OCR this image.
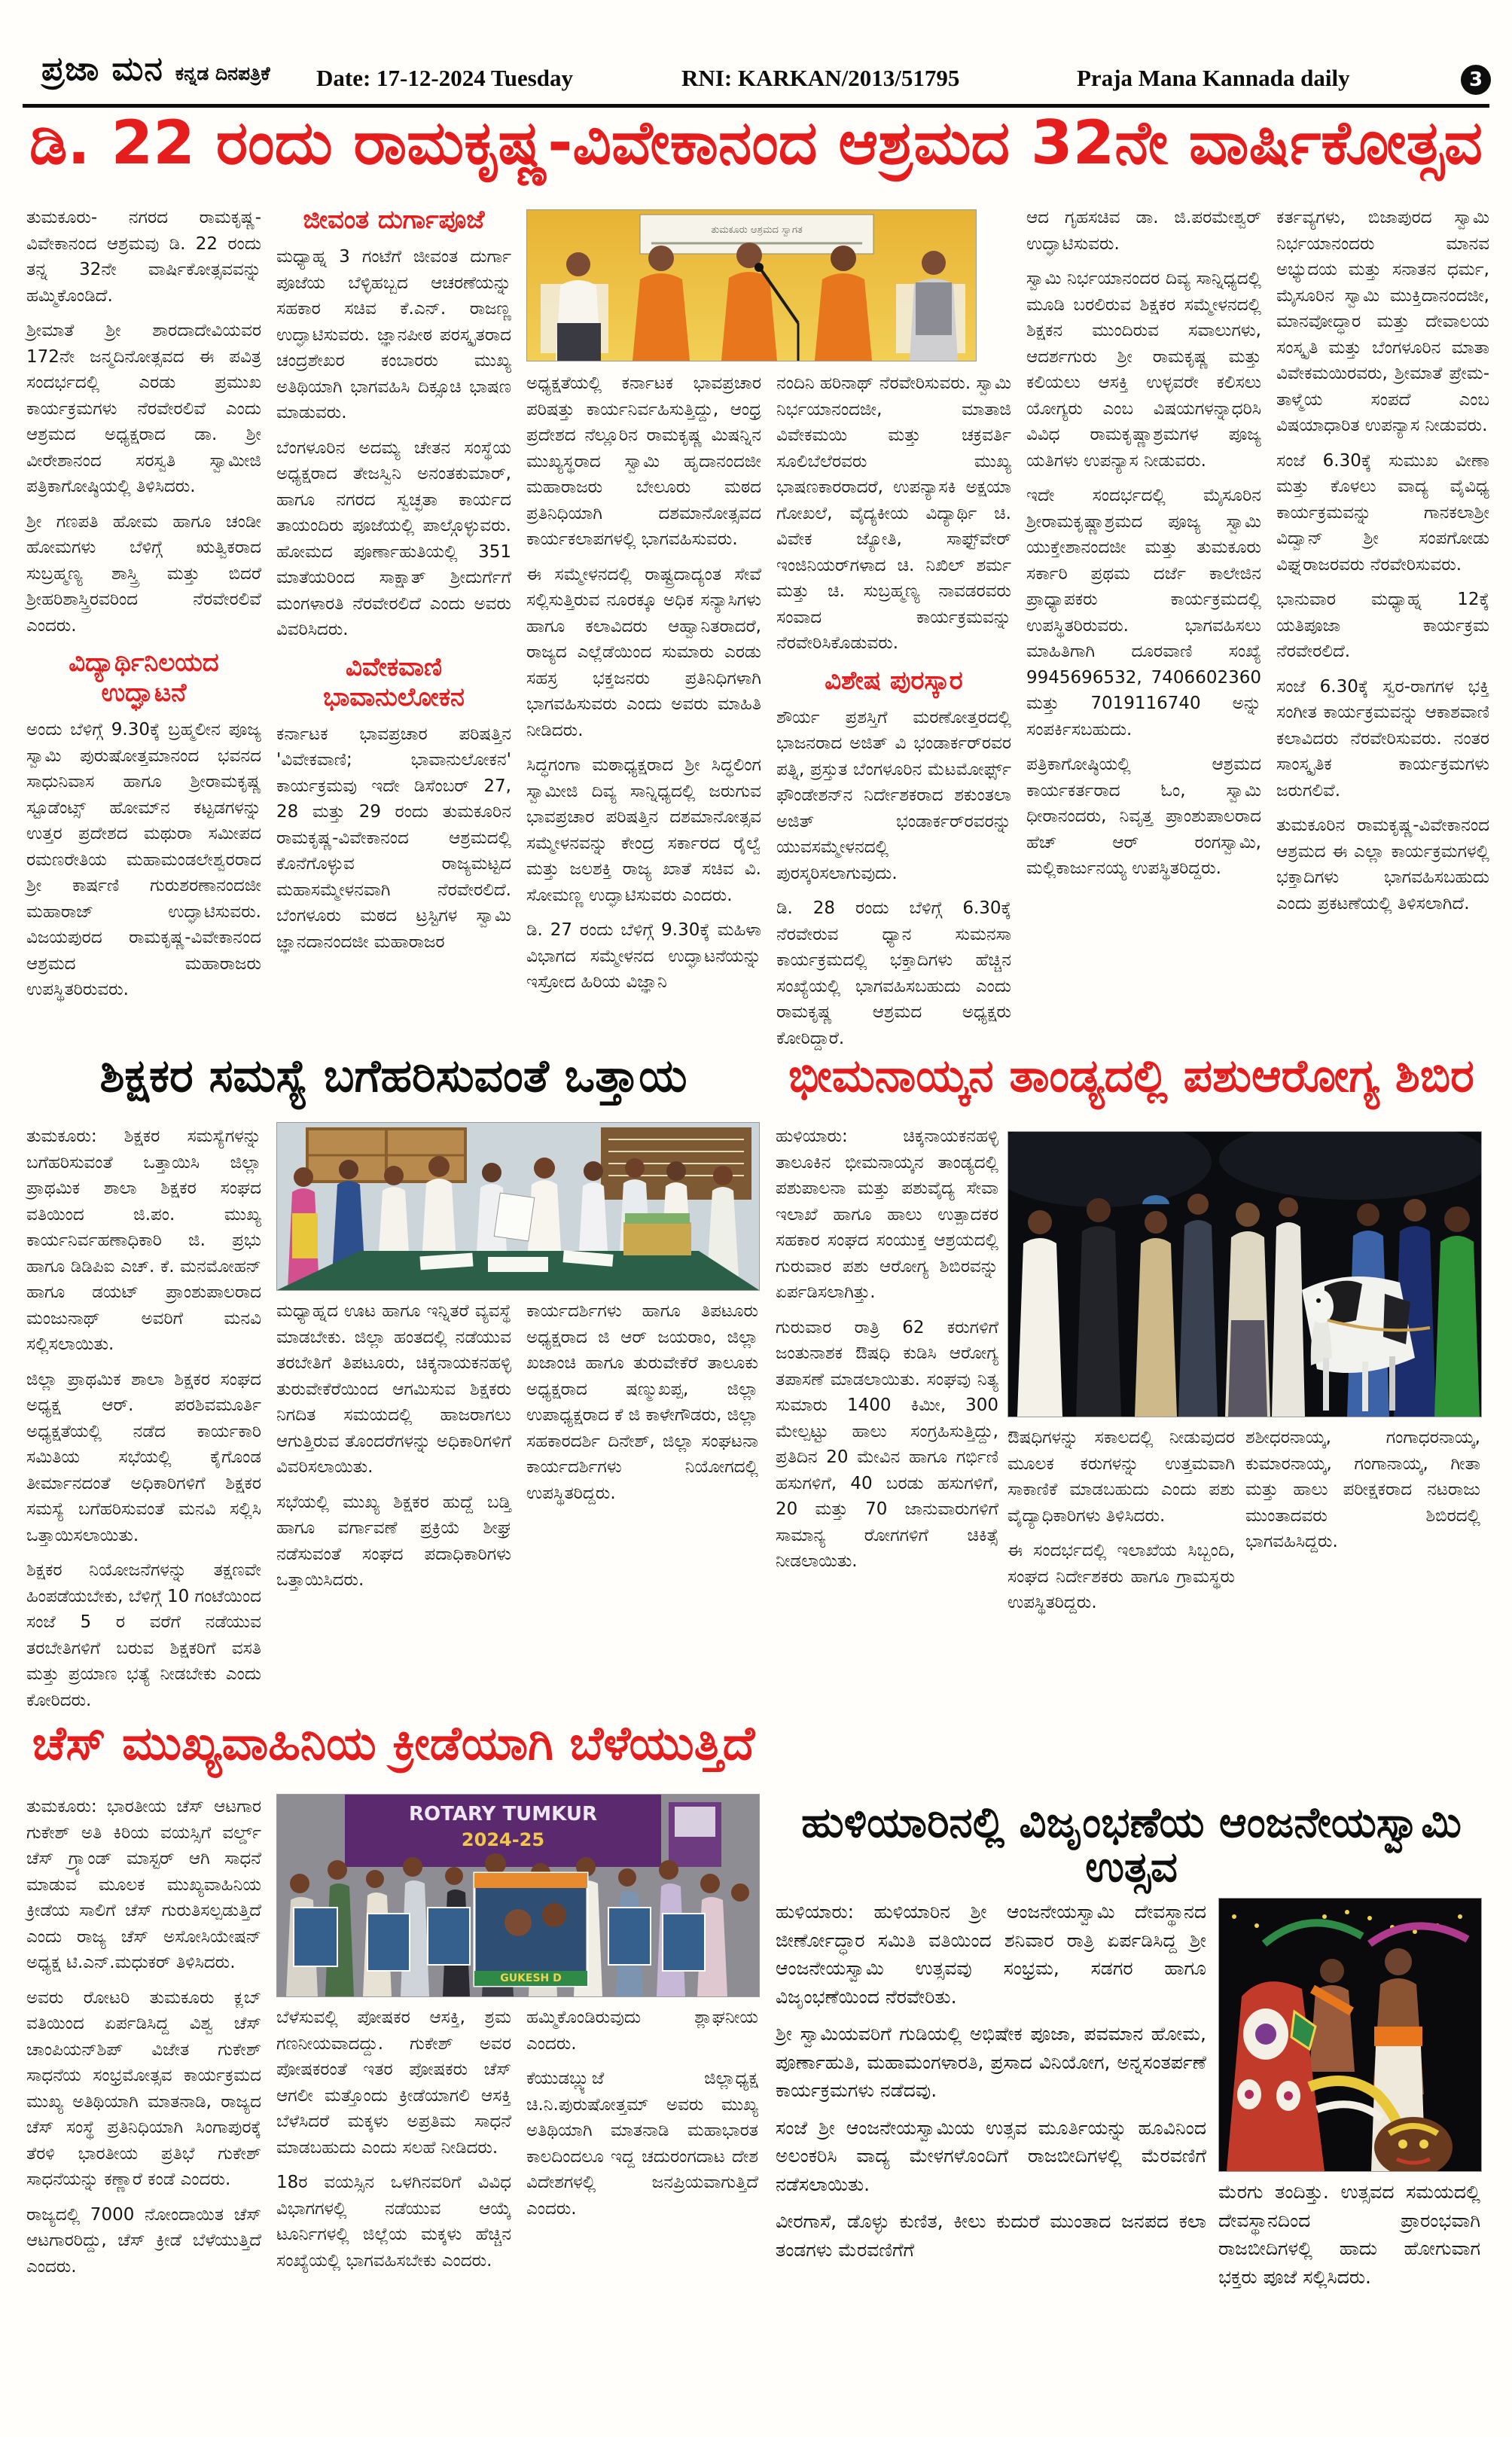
ಪ್ರಜಾ ಮನ ಕನ್ನಡ ದಿನಪತ್ರಿಕೆ Date: 17-12-2024 Tuesday	RNI: KARKAN/2013/51795	Praja Mana Kannada daily	3
ಡಿ. 22 ರಂದು ರಾಮಕೃಷ್ಣ-ವಿವೇಕಾನಂದ ಆಶ್ರಮದ 32ನೇ ವಾರ್ಷಿಕೋತ್ಸವ

ತುಮಕೂರು- ನಗರದ ರಾಮಕೃಷ್ಣ-ವಿವೇಕಾನಂದ ಆಶ್ರಮವು ಡಿ. 22 ರಂದು ತನ್ನ 32ನೇ ವಾರ್ಷಿಕೋತ್ಸವವನ್ನು ಹಮ್ಮಿಕೊಂಡಿದೆ.

ಶ್ರೀಮಾತೆ ಶ್ರೀ ಶಾರದಾದೇವಿಯವರ 172ನೇ ಜನ್ಮದಿನೋತ್ಸವದ ಈ ಪವಿತ್ರ ಸಂದರ್ಭದಲ್ಲಿ ಎರಡು ಪ್ರಮುಖ ಕಾರ್ಯಕ್ರಮಗಳು ನೆರವೇರಲಿವೆ ಎಂದು ಆಶ್ರಮದ ಅಧ್ಯಕ್ಷರಾದ ಡಾ. ಶ್ರೀ ವೀರೇಶಾನಂದ ಸರಸ್ವತಿ ಸ್ವಾಮೀಜಿ ಪತ್ರಿಕಾಗೋಷ್ಠಿಯಲ್ಲಿ ತಿಳಿಸಿದರು.

ಶ್ರೀ ಗಣಪತಿ ಹೋಮ ಹಾಗೂ ಚಂಡೀ ಹೋಮಗಳು ಬೆಳಿಗ್ಗೆ ಋತ್ವಿಕರಾದ ಸುಬ್ರಹ್ಮಣ್ಯ ಶಾಸ್ತ್ರಿ ಮತ್ತು ಬಿದರೆ ಶ್ರೀಹರಿಶಾಸ್ತ್ರಿರವರಿಂದ ನೆರವೇರಲಿವೆ ಎಂದರು.

ವಿದ್ಯಾರ್ಥಿನಿಲಯದ ಉದ್ಘಾಟನೆ

ಅಂದು ಬೆಳಿಗ್ಗೆ 9.30ಕ್ಕೆ ಬ್ರಹ್ಮಲೀನ ಪೂಜ್ಯ ಸ್ವಾಮಿ ಪುರುಷೋತ್ತಮಾನಂದ ಭವನದ ಸಾಧುನಿವಾಸ ಹಾಗೂ ಶ್ರೀರಾಮಕೃಷ್ಣ ಸ್ಟೂಡೆಂಟ್ಸ್ ಹೋಮ್‌ನ ಕಟ್ಟಡಗಳನ್ನು ಉತ್ತರ ಪ್ರದೇಶದ ಮಥುರಾ ಸಮೀಪದ ರಮಣರೇತಿಯ ಮಹಾಮಂಡಲೇಶ್ವರರಾದ ಶ್ರೀ ಕಾರ್ಷಣಿ ಗುರುಶರಣಾನಂದಜೀ ಮಹಾರಾಜ್ ಉದ್ಘಾಟಿಸುವರು. ವಿಜಯಪುರದ ರಾಮಕೃಷ್ಣ-ವಿವೇಕಾನಂದ ಆಶ್ರಮದ ಮಹಾರಾಜರು ಉಪಸ್ಥಿತರಿರುವರು.

ಜೀವಂತ ದುರ್ಗಾಪೂಜೆ

ಮಧ್ಯಾಹ್ನ 3 ಗಂಟೆಗೆ ಜೀವಂತ ದುರ್ಗಾ ಪೂಜೆಯ ಬೆಳ್ಳಿಹಬ್ಬದ ಆಚರಣೆಯನ್ನು ಸಹಕಾರ ಸಚಿವ ಕೆ.ಎನ್. ರಾಜಣ್ಣ ಉದ್ಘಾಟಿಸುವರು. ಜ್ಞಾನಪೀಠ ಪರಸ್ಕೃತರಾದ ಚಂದ್ರಶೇಖರ ಕಂಬಾರರು ಮುಖ್ಯ ಅತಿಥಿಯಾಗಿ ಭಾಗವಹಿಸಿ ದಿಕ್ಸೂಚಿ ಭಾಷಣ ಮಾಡುವರು.

ಬೆಂಗಳೂರಿನ ಅದಮ್ಯ ಚೇತನ ಸಂಸ್ಥೆಯ ಅಧ್ಯಕ್ಷರಾದ ತೇಜಸ್ವಿನಿ ಅನಂತಕುಮಾರ್, ಹಾಗೂ ನಗರದ ಸ್ವಚ್ಛತಾ ಕಾರ್ಯದ ತಾಯಂದಿರು ಪೂಜೆಯಲ್ಲಿ ಪಾಲ್ಗೊಳ್ಳುವರು. ಹೋಮದ ಪೂರ್ಣಾಹುತಿಯಲ್ಲಿ 351 ಮಾತೆಯರಿಂದ ಸಾಕ್ಷಾತ್ ಶ್ರೀದುರ್ಗೆಗೆ ಮಂಗಳಾರತಿ ನೆರವೇರಲಿದೆ ಎಂದು ಅವರು ವಿವರಿಸಿದರು.

ವಿವೇಕವಾಣಿ ಭಾವಾನುಲೋಕನ

ಕರ್ನಾಟಕ ಭಾವಪ್ರಚಾರ ಪರಿಷತ್ತಿನ 'ವಿವೇಕವಾಣಿ; ಭಾವಾನುಲೋಕನ' ಕಾರ್ಯಕ್ರಮವು ಇದೇ ಡಿಸೆಂಬರ್ 27, 28 ಮತ್ತು 29 ರಂದು ತುಮಕೂರಿನ ರಾಮಕೃಷ್ಣ-ವಿವೇಕಾನಂದ ಆಶ್ರಮದಲ್ಲಿ ಕೊನೆಗೊಳ್ಳುವ ರಾಜ್ಯಮಟ್ಟದ ಮಹಾಸಮ್ಮೇಳನವಾಗಿ ನೆರವೇರಲಿದೆ. ಬೆಂಗಳೂರು ಮಠದ ಟ್ರಸ್ಟಿಗಳ ಸ್ವಾಮಿ ಜ್ಞಾನದಾನಂದಜೀ ಮಹಾರಾಜರ

ತುಮಕೂರು ಆಶ್ರಮದ ಸ್ವಾಗತ

ಅಧ್ಯಕ್ಷತೆಯಲ್ಲಿ ಕರ್ನಾಟಕ ಭಾವಪ್ರಚಾರ ಪರಿಷತ್ತು ಕಾರ್ಯನಿರ್ವಹಿಸುತ್ತಿದ್ದು, ಆಂಧ್ರ ಪ್ರದೇಶದ ನೆಲ್ಲೂರಿನ ರಾಮಕೃಷ್ಣ ಮಿಷನ್ನಿನ ಮುಖ್ಯಸ್ಥರಾದ ಸ್ವಾಮಿ ಹೃದಾನಂದಜೀ ಮಹಾರಾಜರು ಬೇಲೂರು ಮಠದ ಪ್ರತಿನಿಧಿಯಾಗಿ ದಶಮಾನೋತ್ಸವದ ಕಾರ್ಯಕಲಾಪಗಳಲ್ಲಿ ಭಾಗವಹಿಸುವರು.

ಈ ಸಮ್ಮೇಳನದಲ್ಲಿ ರಾಷ್ಟ್ರದಾದ್ಯಂತ ಸೇವೆ ಸಲ್ಲಿಸುತ್ತಿರುವ ನೂರಕ್ಕೂ ಅಧಿಕ ಸನ್ಯಾಸಿಗಳು ಹಾಗೂ ಕಲಾವಿದರು ಆಹ್ವಾನಿತರಾದರೆ, ರಾಜ್ಯದ ಎಲ್ಲೆಡೆಯಿಂದ ಸುಮಾರು ಎರಡು ಸಹಸ್ರ ಭಕ್ತಜನರು ಪ್ರತಿನಿಧಿಗಳಾಗಿ ಭಾಗವಹಿಸುವರು ಎಂದು ಅವರು ಮಾಹಿತಿ ನೀಡಿದರು.

ಸಿದ್ಧಗಂಗಾ ಮಠಾಧ್ಯಕ್ಷರಾದ ಶ್ರೀ ಸಿದ್ಧಲಿಂಗ ಸ್ವಾಮೀಜಿ ದಿವ್ಯ ಸಾನ್ನಿಧ್ಯದಲ್ಲಿ ಜರುಗುವ ಭಾವಪ್ರಚಾರ ಪರಿಷತ್ತಿನ ದಶಮಾನೋತ್ಸವ ಸಮ್ಮೇಳನವನ್ನು ಕೇಂದ್ರ ಸರ್ಕಾರದ ರೈಲ್ವೆ ಮತ್ತು ಜಲಶಕ್ತಿ ರಾಜ್ಯ ಖಾತೆ ಸಚಿವ ವಿ. ಸೋಮಣ್ಣ ಉದ್ಘಾಟಿಸುವರು ಎಂದರು.

ಡಿ. 27 ರಂದು ಬೆಳಿಗ್ಗೆ 9.30ಕ್ಕೆ ಮಹಿಳಾ ವಿಭಾಗದ ಸಮ್ಮೇಳನದ ಉದ್ಘಾಟನೆಯನ್ನು ಇಸ್ರೋದ ಹಿರಿಯ ವಿಜ್ಞಾನಿ

ನಂದಿನಿ ಹರಿನಾಥ್ ನೆರವೇರಿಸುವರು. ಸ್ವಾಮಿ ನಿರ್ಭಯಾನಂದಜೀ, ಮಾತಾಜಿ ವಿವೇಕಮಯಿ ಮತ್ತು ಚಕ್ರವರ್ತಿ ಸೂಲಿಬೆಲೆರವರು ಮುಖ್ಯ ಭಾಷಣಕಾರರಾದರೆ, ಉಪನ್ಯಾಸಕಿ ಅಕ್ಷಯಾ ಗೋಖಲೆ, ವೈದ್ಯಕೀಯ ವಿದ್ಯಾರ್ಥಿ ಚಿ. ವಿವೇಕ ಜ್ಯೋತಿ, ಸಾಫ್ಟ್‌ವೇರ್ ಇಂಜಿನಿಯರ್‌ಗಳಾದ ಚಿ. ನಿಖಿಲ್ ಶರ್ಮ ಮತ್ತು ಚಿ. ಸುಬ್ರಹ್ಮಣ್ಯ ನಾವಡರವರು ಸಂವಾದ ಕಾರ್ಯಕ್ರಮವನ್ನು ನೆರವೇರಿಸಿಕೊಡುವರು.

ವಿಶೇಷ ಪುರಸ್ಕಾರ

ಶೌರ್ಯ ಪ್ರಶಸ್ತಿಗೆ ಮರಣೋತ್ತರದಲ್ಲಿ ಭಾಜನರಾದ ಅಜಿತ್ ವಿ ಭಂಡಾರ್ಕರ್‌ರವರ ಪತ್ನಿ, ಪ್ರಸ್ತುತ ಬೆಂಗಳೂರಿನ ಮೆಟಮೋರ್ಫ್ಸ್ ಫೌಂಡೇಶನ್‌ನ ನಿರ್ದೇಶಕರಾದ ಶಕುಂತಲಾ ಅಜಿತ್ ಭಂಡಾರ್ಕರ್‌ರವರನ್ನು ಯುವಸಮ್ಮೇಳನದಲ್ಲಿ ಪುರಸ್ಕರಿಸಲಾಗುವುದು.

ಡಿ. 28 ರಂದು ಬೆಳಿಗ್ಗೆ 6.30ಕ್ಕೆ ನೆರವೇರುವ ಧ್ಯಾನ ಸುಮನಸಾ ಕಾರ್ಯಕ್ರಮದಲ್ಲಿ ಭಕ್ತಾದಿಗಳು ಹೆಚ್ಚಿನ ಸಂಖ್ಯೆಯಲ್ಲಿ ಭಾಗವಹಿಸಬಹುದು ಎಂದು ರಾಮಕೃಷ್ಣ ಆಶ್ರಮದ ಅಧ್ಯಕ್ಷರು ಕೋರಿದ್ದಾರೆ.

ಆದ ಗೃಹಸಚಿವ ಡಾ. ಜಿ.ಪರಮೇಶ್ವರ್ ಉದ್ಘಾಟಿಸುವರು.

ಸ್ವಾಮಿ ನಿರ್ಭಯಾನಂದರ ದಿವ್ಯ ಸಾನ್ನಿಧ್ಯದಲ್ಲಿ ಮೂಡಿ ಬರಲಿರುವ ಶಿಕ್ಷಕರ ಸಮ್ಮೇಳನದಲ್ಲಿ ಶಿಕ್ಷಕನ ಮುಂದಿರುವ ಸವಾಲುಗಳು, ಆದರ್ಶಗುರು ಶ್ರೀ ರಾಮಕೃಷ್ಣ ಮತ್ತು ಕಲಿಯಲು ಆಸಕ್ತಿ ಉಳ್ಳವರೇ ಕಲಿಸಲು ಯೋಗ್ಯರು ಎಂಬ ವಿಷಯಗಳನ್ನಾಧರಿಸಿ ವಿವಿಧ ರಾಮಕೃಷ್ಣಾಶ್ರಮಗಳ ಪೂಜ್ಯ ಯತಿಗಳು ಉಪನ್ಯಾಸ ನೀಡುವರು.

ಇದೇ ಸಂದರ್ಭದಲ್ಲಿ ಮೈಸೂರಿನ ಶ್ರೀರಾಮಕೃಷ್ಣಾಶ್ರಮದ ಪೂಜ್ಯ ಸ್ವಾಮಿ ಯುಕ್ತೇಶಾನಂದಜೀ ಮತ್ತು ತುಮಕೂರು ಸರ್ಕಾರಿ ಪ್ರಥಮ ದರ್ಜೆ ಕಾಲೇಜಿನ ಪ್ರಾಧ್ಯಾಪಕರು ಕಾರ್ಯಕ್ರಮದಲ್ಲಿ ಉಪಸ್ಥಿತರಿರುವರು. ಭಾಗವಹಿಸಲು ಮಾಹಿತಿಗಾಗಿ ದೂರವಾಣಿ ಸಂಖ್ಯೆ 9945696532, 7406602360 ಮತ್ತು 7019116740 ಅನ್ನು ಸಂಪರ್ಕಿಸಬಹುದು.

ಪತ್ರಿಕಾಗೋಷ್ಠಿಯಲ್ಲಿ ಆಶ್ರಮದ ಕಾರ್ಯಕರ್ತರಾದ ಓಂ, ಸ್ವಾಮಿ ಧೀರಾನಂದರು, ನಿವೃತ್ತ ಪ್ರಾಂಶುಪಾಲರಾದ ಹೆಚ್ ಆರ್ ರಂಗಸ್ವಾಮಿ, ಮಲ್ಲಿಕಾರ್ಜುನಯ್ಯ ಉಪಸ್ಥಿತರಿದ್ದರು.

ಕರ್ತವ್ಯಗಳು, ಬಿಜಾಪುರದ ಸ್ವಾಮಿ ನಿರ್ಭಯಾನಂದರು ಮಾನವ ಅಭ್ಯುದಯ ಮತ್ತು ಸನಾತನ ಧರ್ಮ, ಮೈಸೂರಿನ ಸ್ವಾಮಿ ಮುಕ್ತಿದಾನಂದಜೀ, ಮಾನವೋದ್ಧಾರ ಮತ್ತು ದೇವಾಲಯ ಸಂಸ್ಕೃತಿ ಮತ್ತು ಬೆಂಗಳೂರಿನ ಮಾತಾ ವಿವೇಕಮಯಿರವರು, ಶ್ರೀಮಾತೆ ಪ್ರೇಮ-ತಾಳ್ಮೆಯ ಸಂಪದೆ ಎಂಬ ವಿಷಯಾಧಾರಿತ ಉಪನ್ಯಾಸ ನೀಡುವರು.

ಸಂಜೆ 6.30ಕ್ಕೆ ಸುಮುಖ ವೀಣಾ ಮತ್ತು ಕೊಳಲು ವಾದ್ಯ ವೈವಿಧ್ಯ ಕಾರ್ಯಕ್ರಮವನ್ನು ಗಾನಕಲಾಶ್ರೀ ವಿದ್ವಾನ್ ಶ್ರೀ ಸಂಪಗೋಡು ವಿಘ್ನರಾಜರವರು ನೆರವೇರಿಸುವರು.

ಭಾನುವಾರ ಮಧ್ಯಾಹ್ನ 12ಕ್ಕೆ ಯತಿಪೂಜಾ ಕಾರ್ಯಕ್ರಮ ನೆರವೇರಲಿದೆ.

ಸಂಜೆ 6.30ಕ್ಕೆ ಸ್ವರ-ರಾಗಗಳ ಭಕ್ತಿ ಸಂಗೀತ ಕಾರ್ಯಕ್ರಮವನ್ನು ಆಕಾಶವಾಣಿ ಕಲಾವಿದರು ನೆರವೇರಿಸುವರು. ನಂತರ ಸಾಂಸ್ಕೃತಿಕ ಕಾರ್ಯಕ್ರಮಗಳು ಜರುಗಲಿವೆ.

ತುಮಕೂರಿನ ರಾಮಕೃಷ್ಣ-ವಿವೇಕಾನಂದ ಆಶ್ರಮದ ಈ ಎಲ್ಲಾ ಕಾರ್ಯಕ್ರಮಗಳಲ್ಲಿ ಭಕ್ತಾದಿಗಳು ಭಾಗವಹಿಸಬಹುದು ಎಂದು ಪ್ರಕಟಣೆಯಲ್ಲಿ ತಿಳಿಸಲಾಗಿದೆ.

ಶಿಕ್ಷಕರ ಸಮಸ್ಯೆ ಬಗೆಹರಿಸುವಂತೆ ಒತ್ತಾಯ

ತುಮಕೂರು: ಶಿಕ್ಷಕರ ಸಮಸ್ಯೆಗಳನ್ನು ಬಗೆಹರಿಸುವಂತೆ ಒತ್ತಾಯಿಸಿ ಜಿಲ್ಲಾ ಪ್ರಾಥಮಿಕ ಶಾಲಾ ಶಿಕ್ಷಕರ ಸಂಘದ ವತಿಯಿಂದ ಜಿ.ಪಂ. ಮುಖ್ಯ ಕಾರ್ಯನಿರ್ವಹಣಾಧಿಕಾರಿ ಜಿ. ಪ್ರಭು ಹಾಗೂ ಡಿಡಿಪಿಐ ಎಚ್. ಕೆ. ಮನಮೋಹನ್ ಹಾಗೂ ಡಯಟ್ ಪ್ರಾಂಶುಪಾಲರಾದ ಮಂಜುನಾಥ್ ಅವರಿಗೆ ಮನವಿ ಸಲ್ಲಿಸಲಾಯಿತು.

ಜಿಲ್ಲಾ ಪ್ರಾಥಮಿಕ ಶಾಲಾ ಶಿಕ್ಷಕರ ಸಂಘದ ಅಧ್ಯಕ್ಷ ಆರ್. ಪರಶಿವಮೂರ್ತಿ ಅಧ್ಯಕ್ಷತೆಯಲ್ಲಿ ನಡೆದ ಕಾರ್ಯಕಾರಿ ಸಮಿತಿಯ ಸಭೆಯಲ್ಲಿ ಕೈಗೊಂಡ ತೀರ್ಮಾನದಂತೆ ಅಧಿಕಾರಿಗಳಿಗೆ ಶಿಕ್ಷಕರ ಸಮಸ್ಯೆ ಬಗೆಹರಿಸುವಂತೆ ಮನವಿ ಸಲ್ಲಿಸಿ ಒತ್ತಾಯಿಸಲಾಯಿತು.

ಶಿಕ್ಷಕರ ನಿಯೋಜನೆಗಳನ್ನು ತಕ್ಷಣವೇ ಹಿಂಪಡೆಯಬೇಕು, ಬೆಳಿಗ್ಗೆ 10 ಗಂಟೆಯಿಂದ ಸಂಜೆ 5 ರ ವರೆಗೆ ನಡೆಯುವ ತರಬೇತಿಗಳಿಗೆ ಬರುವ ಶಿಕ್ಷಕರಿಗೆ ವಸತಿ ಮತ್ತು ಪ್ರಯಾಣ ಭತ್ಯೆ ನೀಡಬೇಕು ಎಂದು ಕೋರಿದರು.

ಮಧ್ಯಾಹ್ನದ ಊಟ ಹಾಗೂ ಇನ್ನಿತರೆ ವ್ಯವಸ್ಥೆ ಮಾಡಬೇಕು. ಜಿಲ್ಲಾ ಹಂತದಲ್ಲಿ ನಡೆಯುವ ತರಬೇತಿಗೆ ತಿಪಟೂರು, ಚಿಕ್ಕನಾಯಕನಹಳ್ಳಿ ತುರುವೇಕೆರೆಯಿಂದ ಆಗಮಿಸುವ ಶಿಕ್ಷಕರು ನಿಗದಿತ ಸಮಯದಲ್ಲಿ ಹಾಜರಾಗಲು ಆಗುತ್ತಿರುವ ತೊಂದರೆಗಳನ್ನು ಅಧಿಕಾರಿಗಳಿಗೆ ವಿವರಿಸಲಾಯಿತು.

ಸಭೆಯಲ್ಲಿ ಮುಖ್ಯ ಶಿಕ್ಷಕರ ಹುದ್ದೆ ಬಡ್ತಿ ಹಾಗೂ ವರ್ಗಾವಣೆ ಪ್ರಕ್ರಿಯೆ ಶೀಘ್ರ ನಡೆಸುವಂತೆ ಸಂಘದ ಪದಾಧಿಕಾರಿಗಳು ಒತ್ತಾಯಿಸಿದರು.

ಕಾರ್ಯದರ್ಶಿಗಳು ಹಾಗೂ ತಿಪಟೂರು ಅಧ್ಯಕ್ಷರಾದ ಜಿ ಆರ್ ಜಯರಾಂ, ಜಿಲ್ಲಾ ಖಜಾಂಚಿ ಹಾಗೂ ತುರುವೇಕೆರೆ ತಾಲೂಕು ಅಧ್ಯಕ್ಷರಾದ ಷಣ್ಮುಖಪ್ಪ, ಜಿಲ್ಲಾ ಉಪಾಧ್ಯಕ್ಷರಾದ ಕೆ ಜಿ ಕಾಳೇಗೌಡರು, ಜಿಲ್ಲಾ ಸಹಕಾರದರ್ಶಿ ದಿನೇಶ್, ಜಿಲ್ಲಾ ಸಂಘಟನಾ ಕಾರ್ಯದರ್ಶಿಗಳು ನಿಯೋಗದಲ್ಲಿ ಉಪಸ್ಥಿತರಿದ್ದರು.

ಭೀಮನಾಯ್ಕನ ತಾಂಡ್ಯದಲ್ಲಿ ಪಶುಆರೋಗ್ಯ ಶಿಬಿರ

ಹುಳಿಯಾರು: ಚಿಕ್ಕನಾಯಕನಹಳ್ಳಿ ತಾಲೂಕಿನ ಭೀಮನಾಯ್ಕನ ತಾಂಡ್ಯದಲ್ಲಿ ಪಶುಪಾಲನಾ ಮತ್ತು ಪಶುವೈದ್ಯ ಸೇವಾ ಇಲಾಖೆ ಹಾಗೂ ಹಾಲು ಉತ್ಪಾದಕರ ಸಹಕಾರ ಸಂಘದ ಸಂಯುಕ್ತ ಆಶ್ರಯದಲ್ಲಿ ಗುರುವಾರ ಪಶು ಆರೋಗ್ಯ ಶಿಬಿರವನ್ನು ಏರ್ಪಡಿಸಲಾಗಿತ್ತು.

ಗುರುವಾರ ರಾತ್ರಿ 62 ಕರುಗಳಿಗೆ ಜಂತುನಾಶಕ ಔಷಧಿ ಕುಡಿಸಿ ಆರೋಗ್ಯ ತಪಾಸಣೆ ಮಾಡಲಾಯಿತು. ಸಂಘವು ನಿತ್ಯ ಸುಮಾರು 1400 ಕಿಮೀ, 300 ಮೇಲ್ಪಟ್ಟು ಹಾಲು ಸಂಗ್ರಹಿಸುತ್ತಿದ್ದು, ಪ್ರತಿದಿನ 20 ಮೇವಿನ ಹಾಗೂ ಗರ್ಭಿಣಿ ಹಸುಗಳಿಗೆ, 40 ಬರಡು ಹಸುಗಳಿಗೆ, 20 ಮತ್ತು 70 ಜಾನುವಾರುಗಳಿಗೆ ಸಾಮಾನ್ಯ ರೋಗಗಳಿಗೆ ಚಿಕಿತ್ಸೆ ನೀಡಲಾಯಿತು.

ಔಷಧಿಗಳನ್ನು ಸಕಾಲದಲ್ಲಿ ನೀಡುವುದರ ಮೂಲಕ ಕರುಗಳನ್ನು ಉತ್ತಮವಾಗಿ ಸಾಕಾಣಿಕೆ ಮಾಡಬಹುದು ಎಂದು ಪಶು ವೈದ್ಯಾಧಿಕಾರಿಗಳು ತಿಳಿಸಿದರು.

ಈ ಸಂದರ್ಭದಲ್ಲಿ ಇಲಾಖೆಯ ಸಿಬ್ಬಂದಿ, ಸಂಘದ ನಿರ್ದೇಶಕರು ಹಾಗೂ ಗ್ರಾಮಸ್ಥರು ಉಪಸ್ಥಿತರಿದ್ದರು.

ಶಶೀಧರನಾಯ್ಕ, ಗಂಗಾಧರನಾಯ್ಕ, ಕುಮಾರನಾಯ್ಕ, ಗಂಗಾನಾಯ್ಕ, ಗೀತಾ ಮತ್ತು ಹಾಲು ಪರೀಕ್ಷಕರಾದ ನಟರಾಜು ಮುಂತಾದವರು ಶಿಬಿರದಲ್ಲಿ ಭಾಗವಹಿಸಿದ್ದರು.

ಚೆಸ್ ಮುಖ್ಯವಾಹಿನಿಯ ಕ್ರೀಡೆಯಾಗಿ ಬೆಳೆಯುತ್ತಿದೆ

ತುಮಕೂರು: ಭಾರತೀಯ ಚೆಸ್ ಆಟಗಾರ ಗುಕೇಶ್ ಅತಿ ಕಿರಿಯ ವಯಸ್ಸಿಗೆ ವರ್ಲ್ಡ್ ಚೆಸ್ ಗ್ರ್ಯಾಂಡ್ ಮಾಸ್ಟರ್ ಆಗಿ ಸಾಧನೆ ಮಾಡುವ ಮೂಲಕ ಮುಖ್ಯವಾಹಿನಿಯ ಕ್ರೀಡೆಯ ಸಾಲಿಗೆ ಚೆಸ್ ಗುರುತಿಸಲ್ಪಡುತ್ತಿದೆ ಎಂದು ರಾಜ್ಯ ಚೆಸ್ ಅಸೋಸಿಯೇಷನ್ ಅಧ್ಯಕ್ಷ ಟಿ.ಎನ್.ಮಧುಕರ್ ತಿಳಿಸಿದರು.

ಅವರು ರೋಟರಿ ತುಮಕೂರು ಕ್ಲಬ್ ವತಿಯಿಂದ ಏರ್ಪಡಿಸಿದ್ದ ವಿಶ್ವ ಚೆಸ್ ಚಾಂಪಿಯನ್‌ಶಿಪ್ ವಿಜೇತ ಗುಕೇಶ್ ಸಾಧನೆಯ ಸಂಭ್ರಮೋತ್ಸವ ಕಾರ್ಯಕ್ರಮದ ಮುಖ್ಯ ಅತಿಥಿಯಾಗಿ ಮಾತನಾಡಿ, ರಾಜ್ಯದ ಚೆಸ್ ಸಂಸ್ಥೆ ಪ್ರತಿನಿಧಿಯಾಗಿ ಸಿಂಗಾಪುರಕ್ಕೆ ತೆರಳಿ ಭಾರತೀಯ ಪ್ರತಿಭೆ ಗುಕೇಶ್ ಸಾಧನೆಯನ್ನು ಕಣ್ಣಾರೆ ಕಂಡೆ ಎಂದರು.

ರಾಜ್ಯದಲ್ಲಿ 7000 ನೋಂದಾಯಿತ ಚೆಸ್ ಆಟಗಾರರಿದ್ದು, ಚೆಸ್ ಕ್ರೀಡೆ ಬೆಳೆಯುತ್ತಿದೆ ಎಂದರು.

ROTARY TUMKUR
2024-25
GUKESH D

ಬೆಳೆಸುವಲ್ಲಿ ಪೋಷಕರ ಆಸಕ್ತಿ, ಶ್ರಮ ಗಣನೀಯವಾದದ್ದು. ಗುಕೇಶ್ ಅವರ ಪೋಷಕರಂತೆ ಇತರ ಪೋಷಕರು ಚೆಸ್ ಆಗಲೀ ಮತ್ತೊಂದು ಕ್ರೀಡೆಯಾಗಲಿ ಆಸಕ್ತಿ ಬೆಳೆಸಿದರೆ ಮಕ್ಕಳು ಅಪ್ರತಿಮ ಸಾಧನೆ ಮಾಡಬಹುದು ಎಂದು ಸಲಹೆ ನೀಡಿದರು.

18ರ ವಯಸ್ಸಿನ ಒಳಗಿನವರಿಗೆ ವಿವಿಧ ವಿಭಾಗಗಳಲ್ಲಿ ನಡೆಯುವ ಆಯ್ಕೆ ಟೂರ್ನಿಗಳಲ್ಲಿ ಜಿಲ್ಲೆಯ ಮಕ್ಕಳು ಹೆಚ್ಚಿನ ಸಂಖ್ಯೆಯಲ್ಲಿ ಭಾಗವಹಿಸಬೇಕು ಎಂದರು.

ಹಮ್ಮಿಕೊಂಡಿರುವುದು ಶ್ಲಾಘನೀಯ ಎಂದರು.

ಕೆಯುಡಬ್ಲ್ಯುಜೆ ಜಿಲ್ಲಾಧ್ಯಕ್ಷ ಚಿ.ನಿ.ಪುರುಷೋತ್ತಮ್ ಅವರು ಮುಖ್ಯ ಅತಿಥಿಯಾಗಿ ಮಾತನಾಡಿ ಮಹಾಭಾರತ ಕಾಲದಿಂದಲೂ ಇದ್ದ ಚದುರಂಗದಾಟ ದೇಶ ವಿದೇಶಗಳಲ್ಲಿ ಜನಪ್ರಿಯವಾಗುತ್ತಿದೆ ಎಂದರು.

ಹುಳಿಯಾರಿನಲ್ಲಿ ವಿಜೃಂಭಣೆಯ ಆಂಜನೇಯಸ್ವಾಮಿ ಉತ್ಸವ

ಹುಳಿಯಾರು: ಹುಳಿಯಾರಿನ ಶ್ರೀ ಆಂಜನೇಯಸ್ವಾಮಿ ದೇವಸ್ಥಾನದ ಜೀರ್ಣೋದ್ಧಾರ ಸಮಿತಿ ವತಿಯಿಂದ ಶನಿವಾರ ರಾತ್ರಿ ಏರ್ಪಡಿಸಿದ್ದ ಶ್ರೀ ಆಂಜನೇಯಸ್ವಾಮಿ ಉತ್ಸವವು ಸಂಭ್ರಮ, ಸಡಗರ ಹಾಗೂ ವಿಜೃಂಭಣೆಯಿಂದ ನೆರವೇರಿತು.

ಶ್ರೀ ಸ್ವಾಮಿಯವರಿಗೆ ಗುಡಿಯಲ್ಲಿ ಅಭಿಷೇಕ ಪೂಜಾ, ಪವಮಾನ ಹೋಮ, ಪೂರ್ಣಾಹುತಿ, ಮಹಾಮಂಗಳಾರತಿ, ಪ್ರಸಾದ ವಿನಿಯೋಗ, ಅನ್ನಸಂತರ್ಪಣೆ ಕಾರ್ಯಕ್ರಮಗಳು ನಡೆದವು.

ಸಂಜೆ ಶ್ರೀ ಆಂಜನೇಯಸ್ವಾಮಿಯ ಉತ್ಸವ ಮೂರ್ತಿಯನ್ನು ಹೂವಿನಿಂದ ಅಲಂಕರಿಸಿ ವಾದ್ಯ ಮೇಳಗಳೊಂದಿಗೆ ರಾಜಬೀದಿಗಳಲ್ಲಿ ಮೆರವಣಿಗೆ ನಡೆಸಲಾಯಿತು.

ವೀರಗಾಸೆ, ಡೊಳ್ಳು ಕುಣಿತ, ಕೀಲು ಕುದುರೆ ಮುಂತಾದ ಜನಪದ ಕಲಾ ತಂಡಗಳು ಮೆರವಣಿಗೆಗೆ

ಮೆರಗು ತಂದಿತ್ತು. ಉತ್ಸವದ ಸಮಯದಲ್ಲಿ ದೇವಸ್ಥಾನದಿಂದ ಪ್ರಾರಂಭವಾಗಿ ರಾಜಬೀದಿಗಳಲ್ಲಿ ಹಾದು ಹೋಗುವಾಗ ಭಕ್ತರು ಪೂಜೆ ಸಲ್ಲಿಸಿದರು.
